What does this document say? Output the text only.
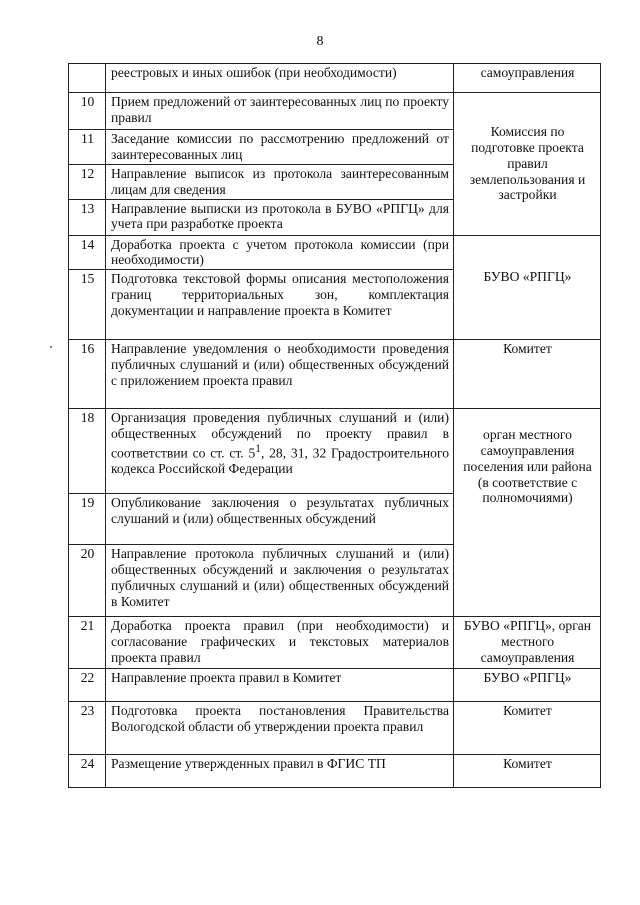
8
	реестровых и иных ошибок (при необходимости)	самоуправления
10	Прием предложений от заинтересованных лиц по проекту правил	Комиссия по подготовке проекта правил землепользования и застройки
11	Заседание комиссии по рассмотрению предложений от заинтересованных лиц	
12	Направление выписок из протокола заинтересованным лицам для сведения	
13	Направление выписки из протокола в БУВО «РПГЦ» для учета при разработке проекта	
14	Доработка проекта с учетом протокола комиссии (при необходимости)	БУВО «РПГЦ»
15	Подготовка текстовой формы описания местоположения границ территориальных зон, комплектация документации и направление проекта в Комитет	
16	Направление уведомления о необходимости проведения публичных слушаний и (или) общественных обсуждений с приложением проекта правил	Комитет
18	Организация проведения публичных слушаний и (или) общественных обсуждений по проекту правил в соответствии со ст. ст. $5^1$, 28, 31, 32 Градостроительного кодекса Российской Федерации	орган местного самоуправления поселения или района
(в соответствие с полномочиями)
19	Опубликование заключения о результатах публичных слушаний и (или) общественных обсуждений	
20	Направление протокола публичных слушаний и (или) общественных обсуждений и заключения о результатах публичных слушаний и (или) общественных обсуждений в Комитет	
21	Доработка проекта правил (при необходимости) и согласование графических и текстовых материалов проекта правил	БУВО «РПГЦ», орган местного самоуправления
22	Направление проекта правил в Комитет	БУВО «РПГЦ»
23	Подготовка проекта постановления Правительства Вологодской области об утверждении проекта правил	Комитет
24	Размещение утвержденных правил в ФГИС ТП	Комитет
